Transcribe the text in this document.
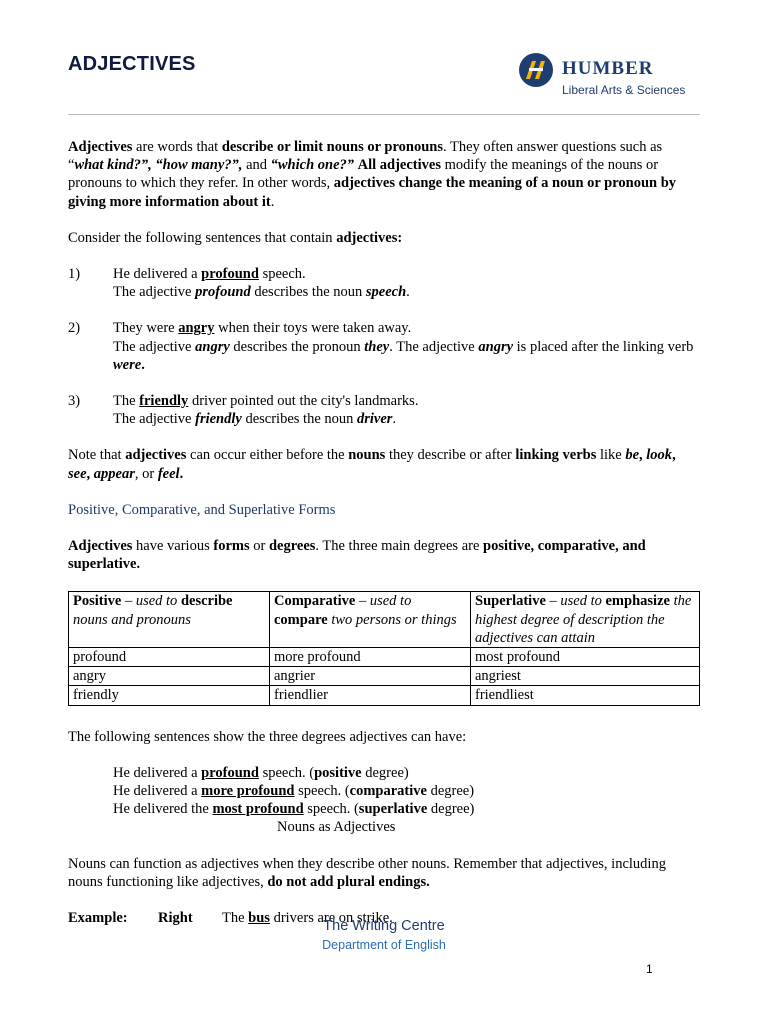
ADJECTIVES	HUMBER
Liberal Arts & Sciences

Adjectives are words that describe or limit nouns or pronouns. They often answer questions such as “what kind?”, “how many?”, and “which one?” All adjectives modify the meanings of the nouns or pronouns to which they refer. In other words, adjectives change the meaning of a noun or pronoun by giving more information about it.

Consider the following sentences that contain adjectives:

1)	He delivered a profound speech.
The adjective profound describes the noun speech.
2)	They were angry when their toys were taken away.
The adjective angry describes the pronoun they. The adjective angry is placed after the linking verb were.
3)	The friendly driver pointed out the city's landmarks.
The adjective friendly describes the noun driver.

Note that adjectives can occur either before the nouns they describe or after linking verbs like be, look, see, appear, or feel.

Positive, Comparative, and Superlative Forms

Adjectives have various forms or degrees. The three main degrees are positive, comparative, and superlative.

Positive – used to describe nouns and pronouns	Comparative – used to compare two persons or things	Superlative – used to emphasize the highest degree of description the adjectives can attain
profound	more profound	most profound
angry	angrier	angriest
friendly	friendlier	friendliest

The following sentences show the three degrees adjectives can have:

He delivered a profound speech. (positive degree)
He delivered a more profound speech. (comparative degree)
He delivered the most profound speech. (superlative degree)
Nouns as Adjectives

Nouns can function as adjectives when they describe other nouns. Remember that adjectives, including nouns functioning like adjectives, do not add plural endings.

Example:	Right	The bus drivers are on strike.
The Writing Centre
Department of English
1
